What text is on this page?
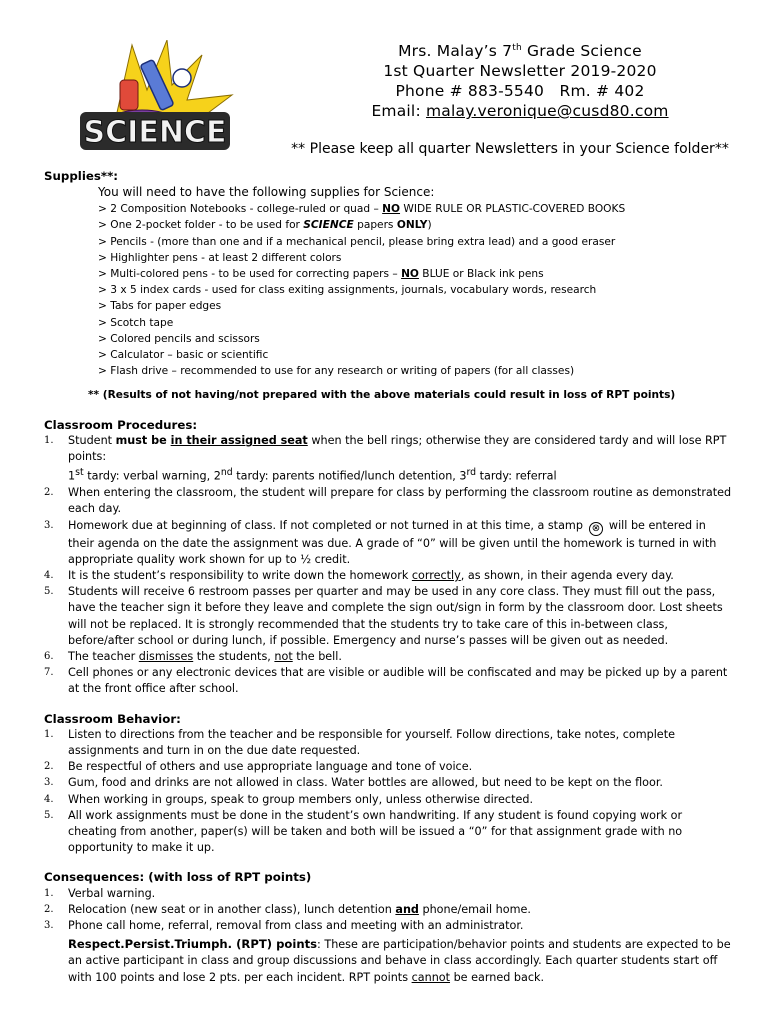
SCIENCE
Mrs. Malay’s 7th Grade Science
1st Quarter Newsletter 2019-2020
Phone # 883-5540 Rm. # 402
Email: malay.veronique@cusd80.com
** Please keep all quarter Newsletters in your Science folder**
Supplies**:
You will need to have the following supplies for Science:
> 2 Composition Notebooks - college-ruled or quad – NO WIDE RULE OR PLASTIC-COVERED BOOKS
> One 2-pocket folder - to be used for SCIENCE papers ONLY)
> Pencils - (more than one and if a mechanical pencil, please bring extra lead) and a good eraser
> Highlighter pens - at least 2 different colors
> Multi-colored pens - to be used for correcting papers – NO BLUE or Black ink pens
> 3 x 5 index cards - used for class exiting assignments, journals, vocabulary words, research
> Tabs for paper edges
> Scotch tape
> Colored pencils and scissors
> Calculator – basic or scientific
> Flash drive – recommended to use for any research or writing of papers (for all classes)
** (Results of not having/not prepared with the above materials could result in loss of RPT points)
Classroom Procedures:
1. Student must be in their assigned seat when the bell rings; otherwise they are considered tardy and will lose RPT points:
1st tardy: verbal warning, 2nd tardy: parents notified/lunch detention, 3rd tardy: referral
2. When entering the classroom, the student will prepare for class by performing the classroom routine as demonstrated each day.
3. Homework due at beginning of class. If not completed or not turned in at this time, a stamp ⊗ will be entered in their agenda on the date the assignment was due. A grade of “0” will be given until the homework is turned in with appropriate quality work shown for up to ½ credit.
4. It is the student’s responsibility to write down the homework correctly, as shown, in their agenda every day.
5. Students will receive 6 restroom passes per quarter and may be used in any core class. They must fill out the pass, have the teacher sign it before they leave and complete the sign out/sign in form by the classroom door. Lost sheets will not be replaced. It is strongly recommended that the students try to take care of this in-between class, before/after school or during lunch, if possible. Emergency and nurse’s passes will be given out as needed.
6. The teacher dismisses the students, not the bell.
7. Cell phones or any electronic devices that are visible or audible will be confiscated and may be picked up by a parent at the front office after school.
Classroom Behavior:
1. Listen to directions from the teacher and be responsible for yourself. Follow directions, take notes, complete assignments and turn in on the due date requested.
2. Be respectful of others and use appropriate language and tone of voice.
3. Gum, food and drinks are not allowed in class. Water bottles are allowed, but need to be kept on the floor.
4. When working in groups, speak to group members only, unless otherwise directed.
5. All work assignments must be done in the student’s own handwriting. If any student is found copying work or cheating from another, paper(s) will be taken and both will be issued a “0” for that assignment grade with no opportunity to make it up.
Consequences: (with loss of RPT points)
1. Verbal warning.
2. Relocation (new seat or in another class), lunch detention and phone/email home.
3. Phone call home, referral, removal from class and meeting with an administrator.
Respect.Persist.Triumph. (RPT) points: These are participation/behavior points and students are expected to be an active participant in class and group discussions and behave in class accordingly. Each quarter students start off with 100 points and lose 2 pts. per each incident. RPT points cannot be earned back.
